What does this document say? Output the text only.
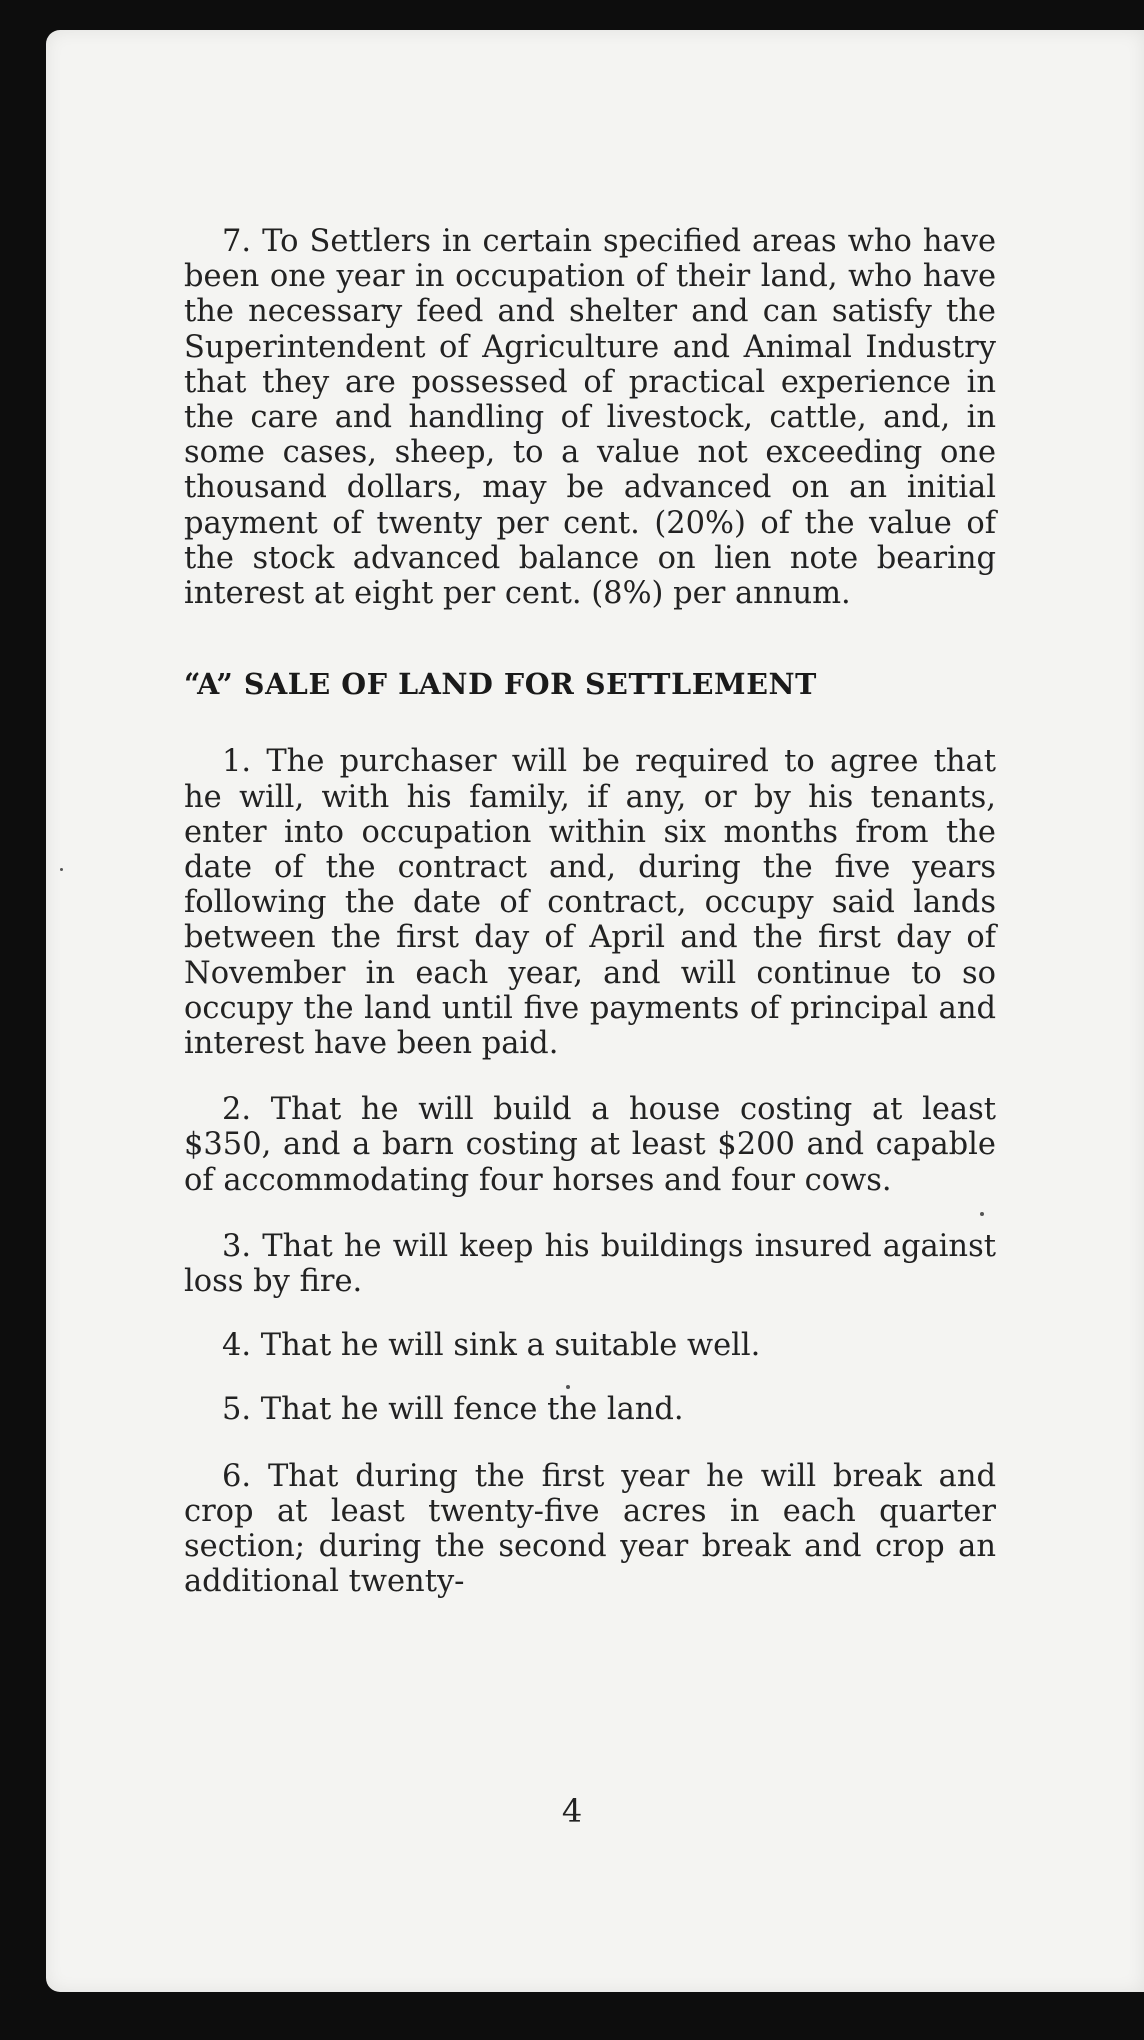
7. To Settlers in certain specified areas who have been one year in occupation of their land, who have the necessary feed and shelter and can satisfy the Superintendent of Agriculture and Animal Industry that they are possessed of practical experience in the care and handling of livestock, cattle, and, in some cases, sheep, to a value not exceeding one thousand dollars, may be advanced on an initial payment of twenty per cent. (20%) of the value of the stock advanced balance on lien note bearing interest at eight per cent. (8%) per annum.

“A” SALE OF LAND FOR SETTLEMENT

1. The purchaser will be required to agree that he will, with his family, if any, or by his tenants, enter into occupation within six months from the date of the contract and, during the five years following the date of contract, occupy said lands between the first day of April and the first day of November in each year, and will continue to so occupy the land until five payments of principal and interest have been paid.

2. That he will build a house costing at least $350, and a barn costing at least $200 and capable of accommodating four horses and four cows.

3. That he will keep his buildings insured against loss by fire.

4. That he will sink a suitable well.

5. That he will fence the land.

6. That during the first year he will break and crop at least twenty-five acres in each quarter section; during the second year break and crop an additional twenty-

4
